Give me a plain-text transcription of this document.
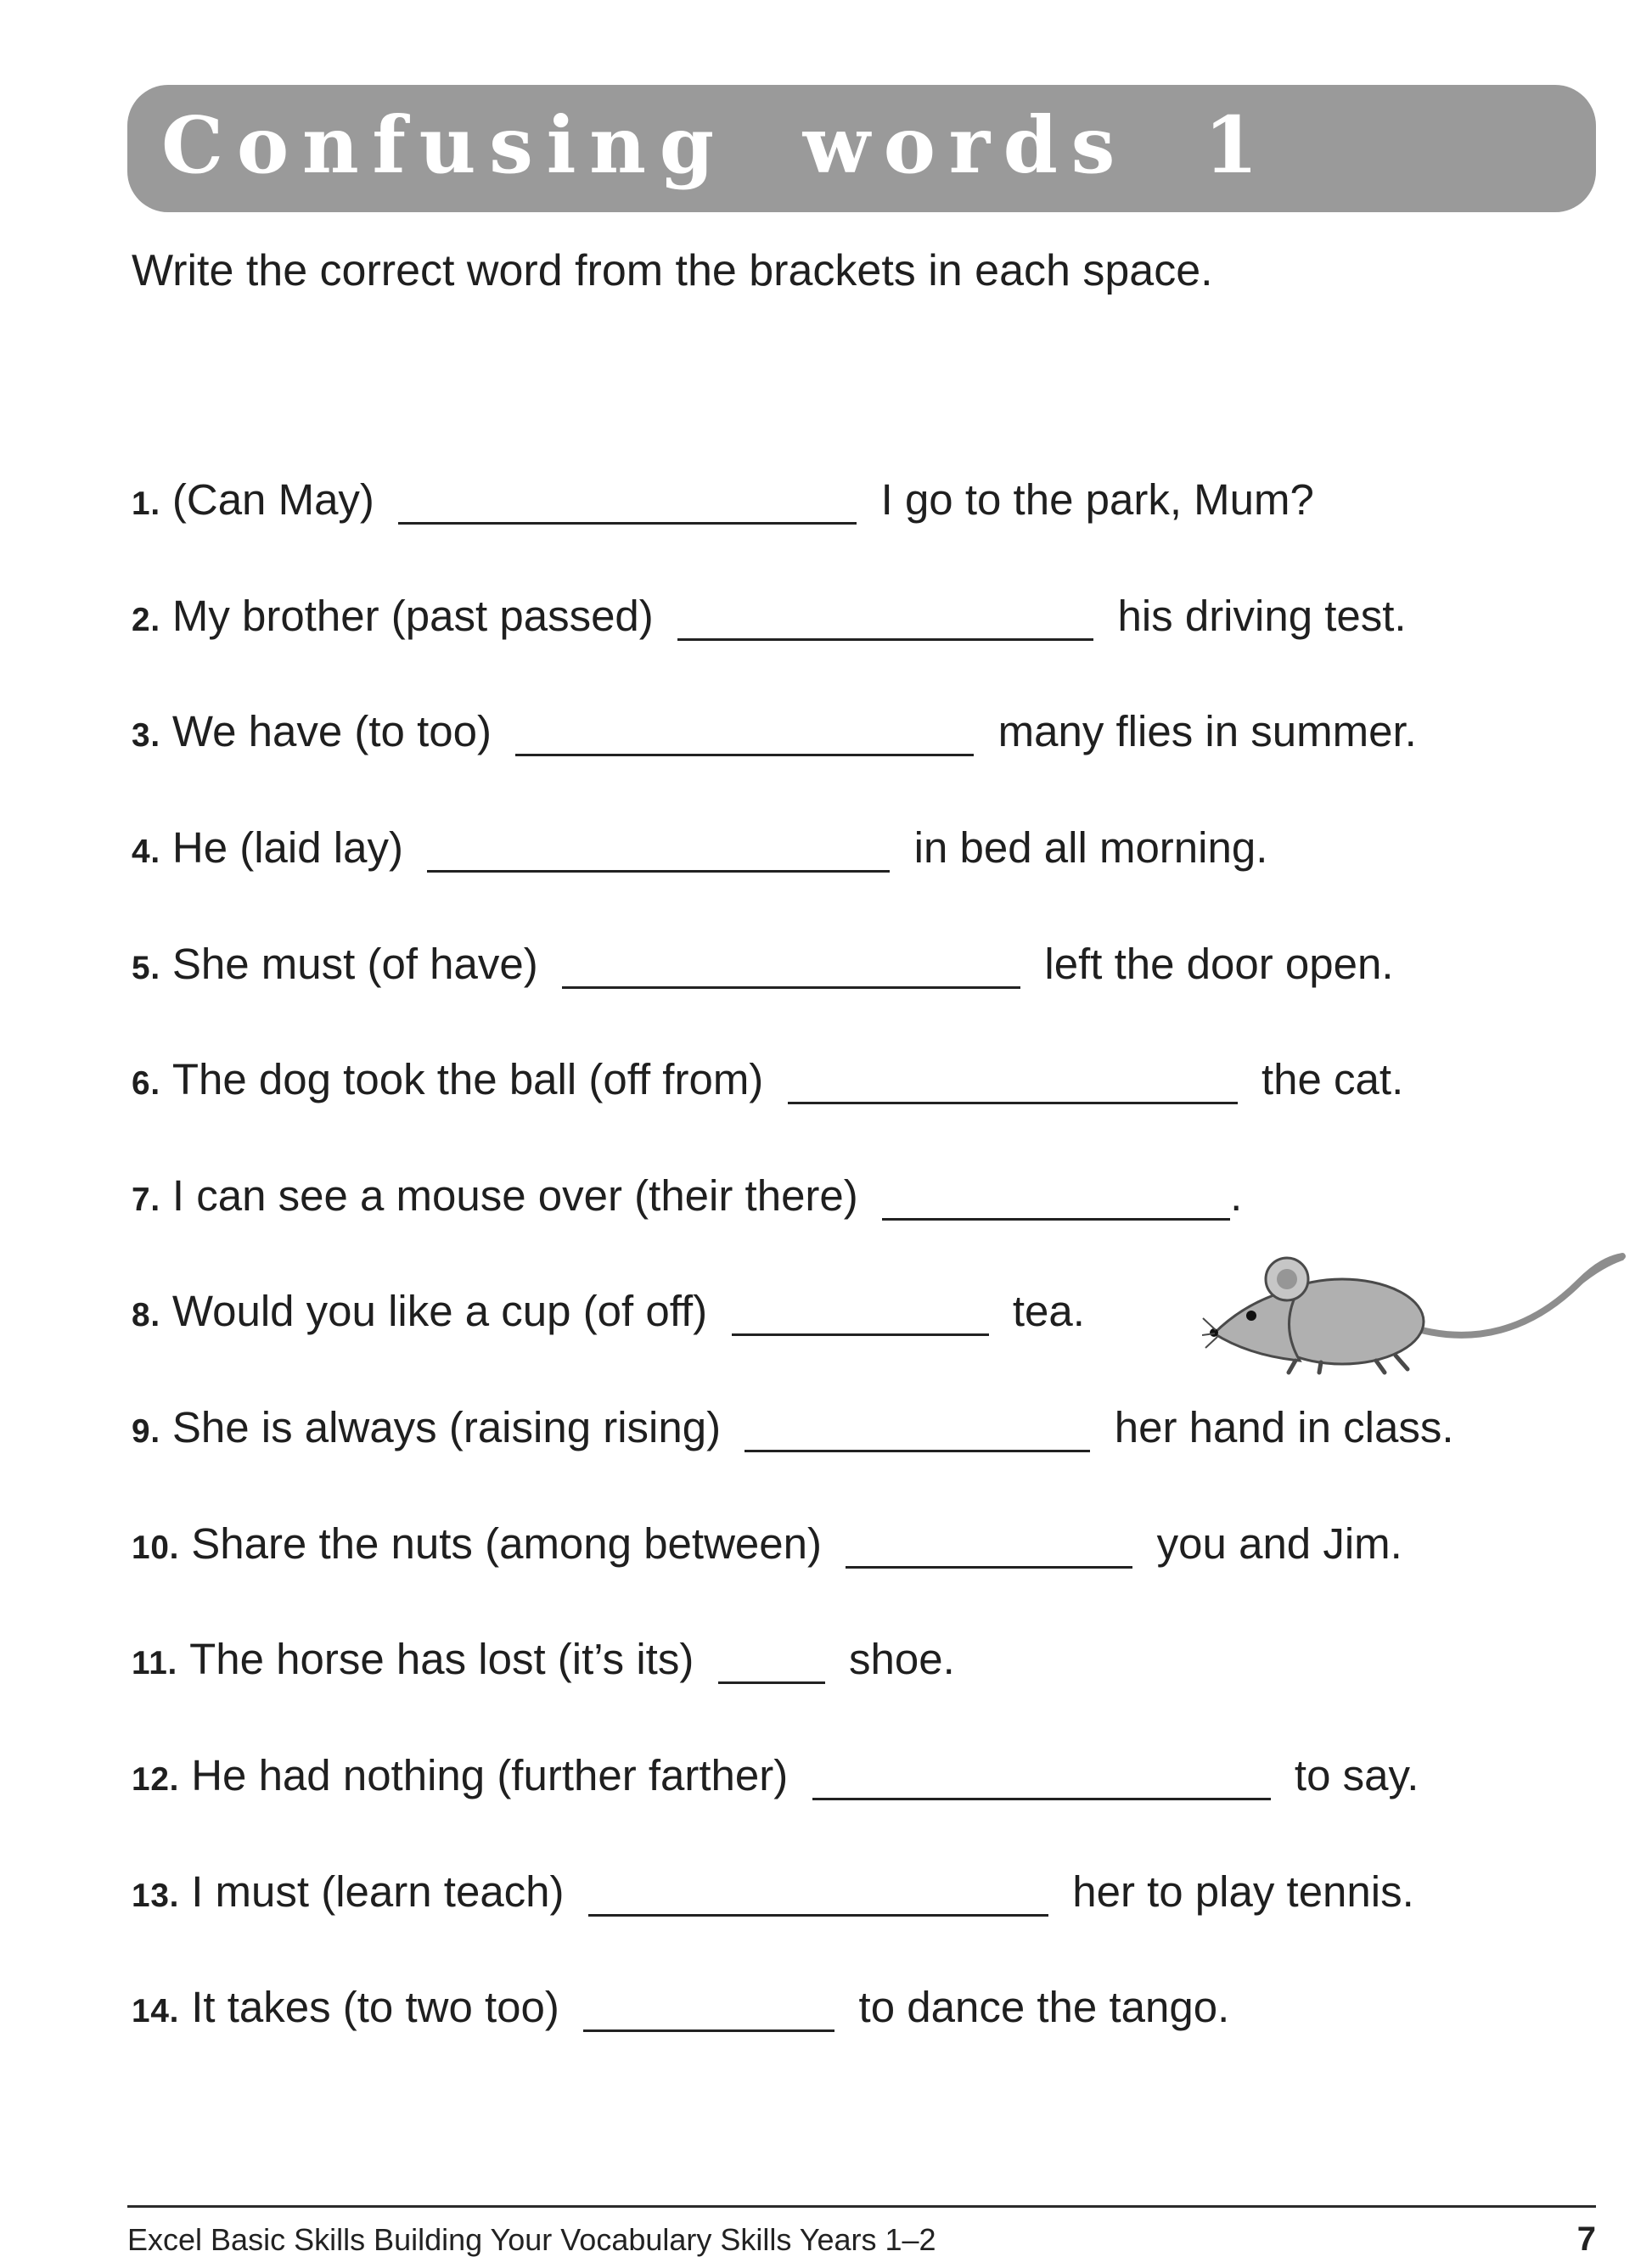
Confusing words 1
Write the correct word from the brackets in each space.
1. (Can May)	I go to the park, Mum?
2. My brother (past passed)	his driving test.
3. We have (to too)	many flies in summer.
4. He (laid lay)	in bed all morning.
5. She must (of have)	left the door open.
6. The dog took the ball (off from)	the cat.
7. I can see a mouse over (their there)	.
8. Would you like a cup (of off)	tea.
9. She is always (raising rising)	her hand in class.
10. Share the nuts (among between)	you and Jim.
11. The horse has lost (it’s its)    shoe.
12. He had nothing (further farther)	to say.
13. I must (learn teach)	her to play tennis.
14. It takes (to two too)	to dance the tango.
Excel Basic Skills Building Your Vocabulary Skills Years 1–2	7
